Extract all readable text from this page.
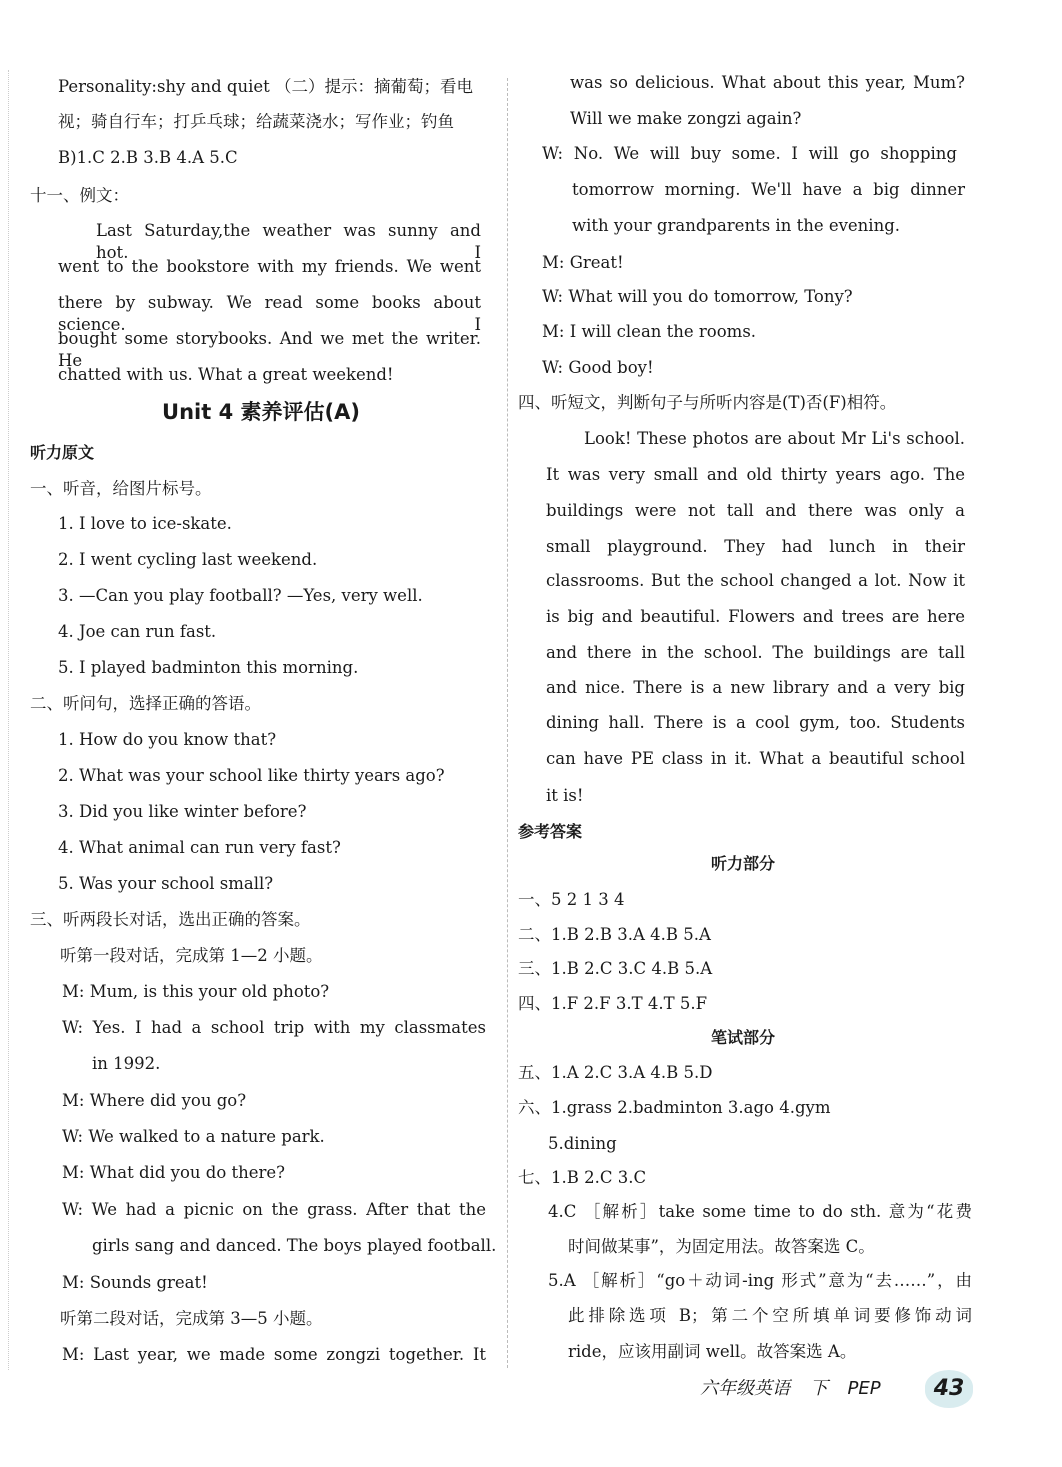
Personality:shy and quiet （二）提示：摘葡萄；看电
视；骑自行车；打乒乓球；给蔬菜浇水；写作业；钓鱼
B)1.C 2.B 3.B 4.A 5.C
十一、例文：
Last Saturday,the weather was sunny and hot. I
went to the bookstore with my friends. We went
there by subway. We read some books about science. I
bought some storybooks. And we met the writer. He
chatted with us. What a great weekend!
Unit 4 素养评估(A)
听力原文
一、听音，给图片标号。
1. I love to ice-skate.
2. I went cycling last weekend.
3. —Can you play football? —Yes, very well.
4. Joe can run fast.
5. I played badminton this morning.
二、听问句，选择正确的答语。
1. How do you know that?
2. What was your school like thirty years ago?
3. Did you like winter before?
4. What animal can run very fast?
5. Was your school small?
三、听两段长对话，选出正确的答案。
听第一段对话，完成第 1—2 小题。
M: Mum, is this your old photo?
W: Yes. I had a school trip with my classmates
in 1992.
M: Where did you go?
W: We walked to a nature park.
M: What did you do there?
W: We had a picnic on the grass. After that the
girls sang and danced. The boys played football.
M: Sounds great!
听第二段对话，完成第 3—5 小题。
M: Last year, we made some zongzi together. It
was so delicious. What about this year, Mum?
Will we make zongzi again?
W: No. We will buy some. I will go shopping
tomorrow morning. We'll have a big dinner
with your grandparents in the evening.
M: Great!
W: What will you do tomorrow, Tony?
M: I will clean the rooms.
W: Good boy!
四、听短文，判断句子与所听内容是(T)否(F)相符。
Look! These photos are about Mr Li's school.
It was very small and old thirty years ago. The
buildings were not tall and there was only a
small playground. They had lunch in their
classrooms. But the school changed a lot. Now it
is big and beautiful. Flowers and trees are here
and there in the school. The buildings are tall
and nice. There is a new library and a very big
dining hall. There is a cool gym, too. Students
can have PE class in it. What a beautiful school
it is!
参考答案
听力部分
一、5 2 1 3 4
二、1.B 2.B 3.A 4.B 5.A
三、1.B 2.C 3.C 4.B 5.A
四、1.F 2.F 3.T 4.T 5.F
笔试部分
五、1.A 2.C 3.A 4.B 5.D
六、1.grass 2.badminton 3.ago 4.gym
5.dining
七、1.B 2.C 3.C
4.C ［解析］take some time to do sth. 意为“花费
时间做某事”，为固定用法。故答案选 C。
5.A ［解析］“go＋动词-ing 形式”意为“去……”，由
此排除选项 B；第二个空所填单词要修饰动词
ride，应该用副词 well。故答案选 A。
六年级英语 下 PEP	43
